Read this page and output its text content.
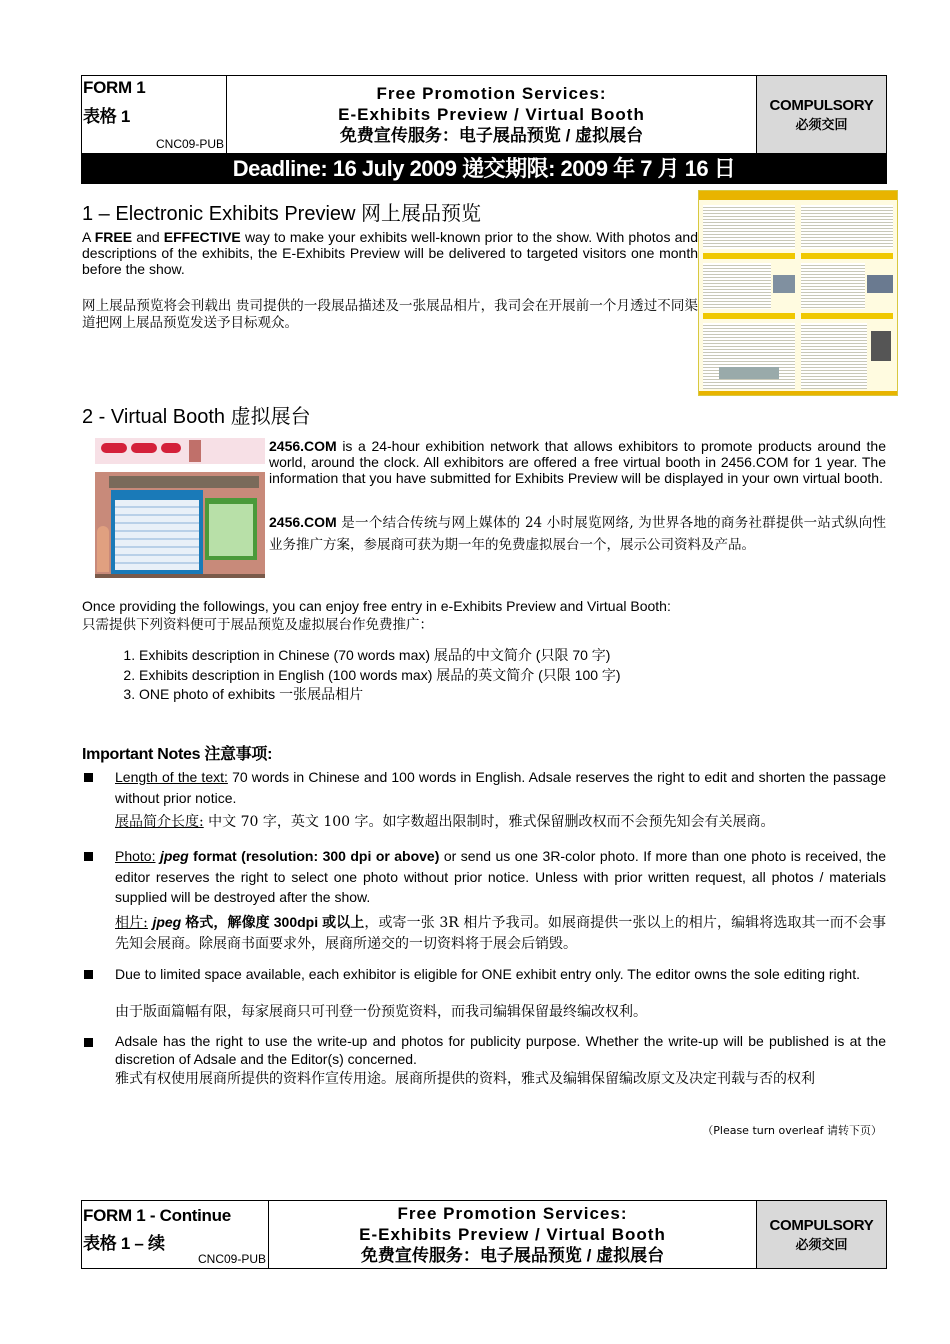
FORM 1
表格 1
CNC09-PUB
Free Promotion Services:
E-Exhibits Preview / Virtual Booth
免费宣传服务：电子展品预览 / 虚拟展台
COMPULSORY
必须交回
Deadline: 16 July 2009 递交期限: 2009 年 7 月 16 日
1 – Electronic Exhibits Preview 网上展品预览
A FREE and EFFECTIVE way to make your exhibits well-known prior to the show. With photos and descriptions of the exhibits, the E-Exhibits Preview will be delivered to targeted visitors one month before the show.
网上展品预览将会刊载出 贵司提供的一段展品描述及一张展品相片，我司会在开展前一个月透过不同渠道把网上展品预览发送予目标观众。
2 - Virtual Booth 虚拟展台
2456.COM is a 24-hour exhibition network that allows exhibitors to promote products around the world, around the clock. All exhibitors are offered a free virtual booth in 2456.COM for 1 year. The information that you have submitted for Exhibits Preview will be displayed in your own virtual booth.
2456.COM 是一个结合传统与网上媒体的 24 小时展览网络, 为世界各地的商务社群提供一站式纵向性业务推广方案，参展商可获为期一年的免费虚拟展台一个，展示公司资料及产品。
Once providing the followings, you can enjoy free entry in e-Exhibits Preview and Virtual Booth:
只需提供下列资料便可于展品预览及虚拟展台作免费推广：
1. Exhibits description in Chinese (70 words max) 展品的中文简介 (只限 70 字)
2. Exhibits description in English (100 words max) 展品的英文简介 (只限 100 字)
3. ONE photo of exhibits 一张展品相片
Important Notes 注意事项:
Length of the text: 70 words in Chinese and 100 words in English. Adsale reserves the right to edit and shorten the passage without prior notice.
展品简介长度: 中文 70 字，英文 100 字。如字数超出限制时，雅式保留删改权而不会预先知会有关展商。
Photo: jpeg format (resolution: 300 dpi or above) or send us one 3R-color photo. If more than one photo is received, the editor reserves the right to select one photo without prior notice. Unless with prior written request, all photos / materials supplied will be destroyed after the show.
相片: jpeg 格式，解像度 300dpi 或以上，或寄一张 3R 相片予我司。如展商提供一张以上的相片，编辑将选取其一而不会事先知会展商。除展商书面要求外，展商所递交的一切资料将于展会后销毁。
Due to limited space available, each exhibitor is eligible for ONE exhibit entry only. The editor owns the sole editing right.
由于版面篇幅有限，每家展商只可刊登一份预览资料，而我司编辑保留最终编改权利。
Adsale has the right to use the write-up and photos for publicity purpose. Whether the write-up will be published is at the discretion of Adsale and the Editor(s) concerned.
雅式有权使用展商所提供的资料作宣传用途。展商所提供的资料，雅式及编辑保留编改原文及决定刊载与否的权利
（Please turn overleaf 请转下页）
FORM 1 - Continue
表格 1 – 续
CNC09-PUB
Free Promotion Services:
E-Exhibits Preview / Virtual Booth
免费宣传服务：电子展品预览 / 虚拟展台
COMPULSORY
必须交回
